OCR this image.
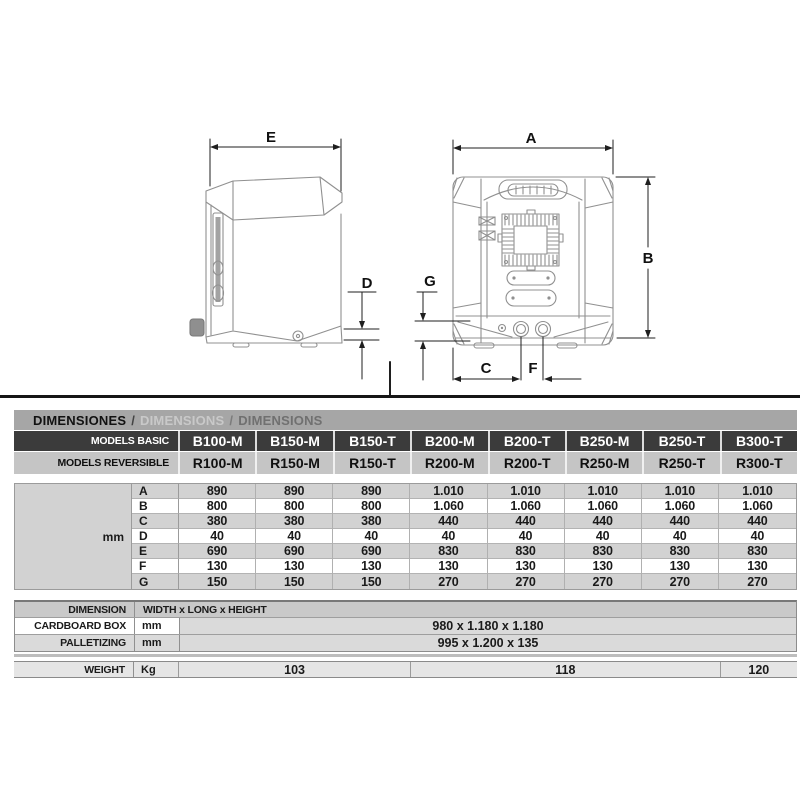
E
D
A
B
G
C F
DIMENSIONES / DIMENSIONS / DIMENSIONS
MODELS BASIC	B100-M	B150-M	B150-T	B200-M	B200-T	B250-M	B250-T	B300-T
MODELS REVERSIBLE	R100-M	R150-M	R150-T	R200-M	R200-T	R250-M	R250-T	R300-T
mm
A	890	890	890	1.010	1.010	1.010	1.010	1.010
B	800	800	800	1.060	1.060	1.060	1.060	1.060
C	380	380	380	440	440	440	440	440
D	40	40	40	40	40	40	40	40
E	690	690	690	830	830	830	830	830
F	130	130	130	130	130	130	130	130
G	150	150	150	270	270	270	270	270
DIMENSION	WIDTH x LONG x HEIGHT
CARDBOARD BOX	mm	980 x 1.180 x 1.180
PALLETIZING	mm	995 x 1.200 x 135
WEIGHT	Kg	103	118	120
